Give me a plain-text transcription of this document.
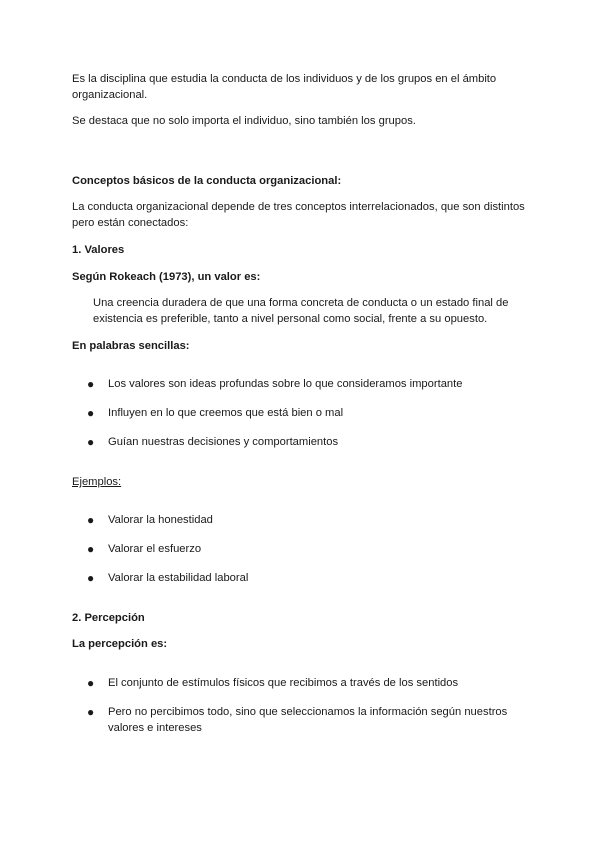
Es la disciplina que estudia la conducta de los individuos y de los grupos en el ámbito organizacional.

Se destaca que no solo importa el individuo, sino también los grupos.

Conceptos básicos de la conducta organizacional:

La conducta organizacional depende de tres conceptos interrelacionados, que son distintos pero están conectados:

1. Valores

Según Rokeach (1973), un valor es:

Una creencia duradera de que una forma concreta de conducta o un estado final de existencia es preferible, tanto a nivel personal como social, frente a su opuesto.

En palabras sencillas:

●	Los valores son ideas profundas sobre lo que consideramos importante
●	Influyen en lo que creemos que está bien o mal
●	Guían nuestras decisiones y comportamientos

Ejemplos:

●	Valorar la honestidad
●	Valorar el esfuerzo
●	Valorar la estabilidad laboral

2. Percepción

La percepción es:

●	El conjunto de estímulos físicos que recibimos a través de los sentidos
●	Pero no percibimos todo, sino que seleccionamos la información según nuestros valores e intereses
